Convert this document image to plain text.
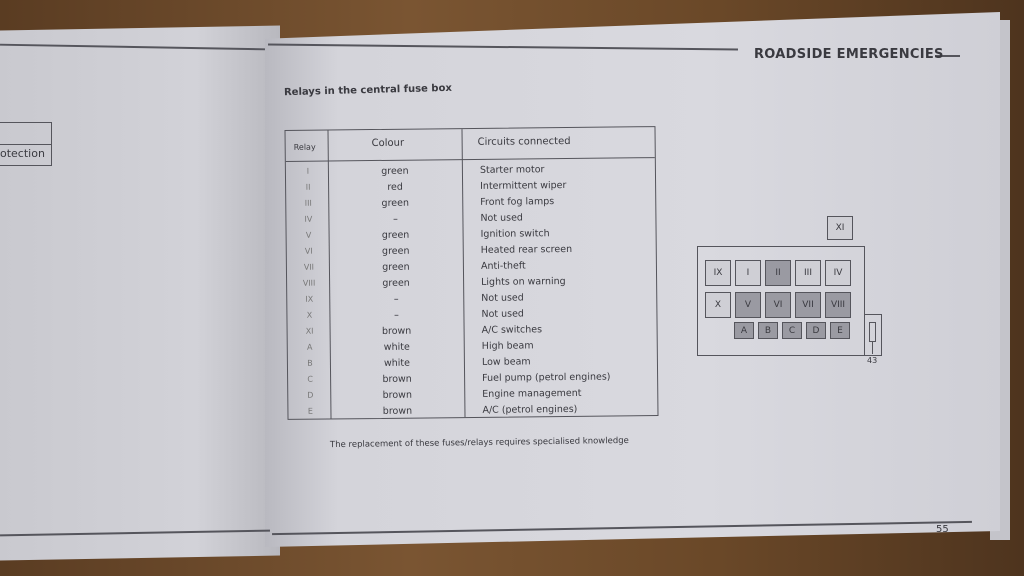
ROADSIDE EMERGENCIES
otection
Relays in the central fuse box
Relay	Colour	Circuits connected
I	green	Starter motor
II	red	Intermittent wiper
III	green	Front fog lamps
IV	–	Not used
V	green	Ignition switch
VI	green	Heated rear screen
VII	green	Anti-theft
VIII	green	Lights on warning
IX	–	Not used
X	–	Not used
XI	brown	A/C switches
A	white	High beam
B	white	Low beam
C	brown	Fuel pump (petrol engines)
D	brown	Engine management
E	brown	A/C (petrol engines)
The replacement of these fuses/relays requires specialised knowledge
XI
43
IX	I	II	III	IV
X	V	VI	VII	VIII
A	B	C	D	E
55
